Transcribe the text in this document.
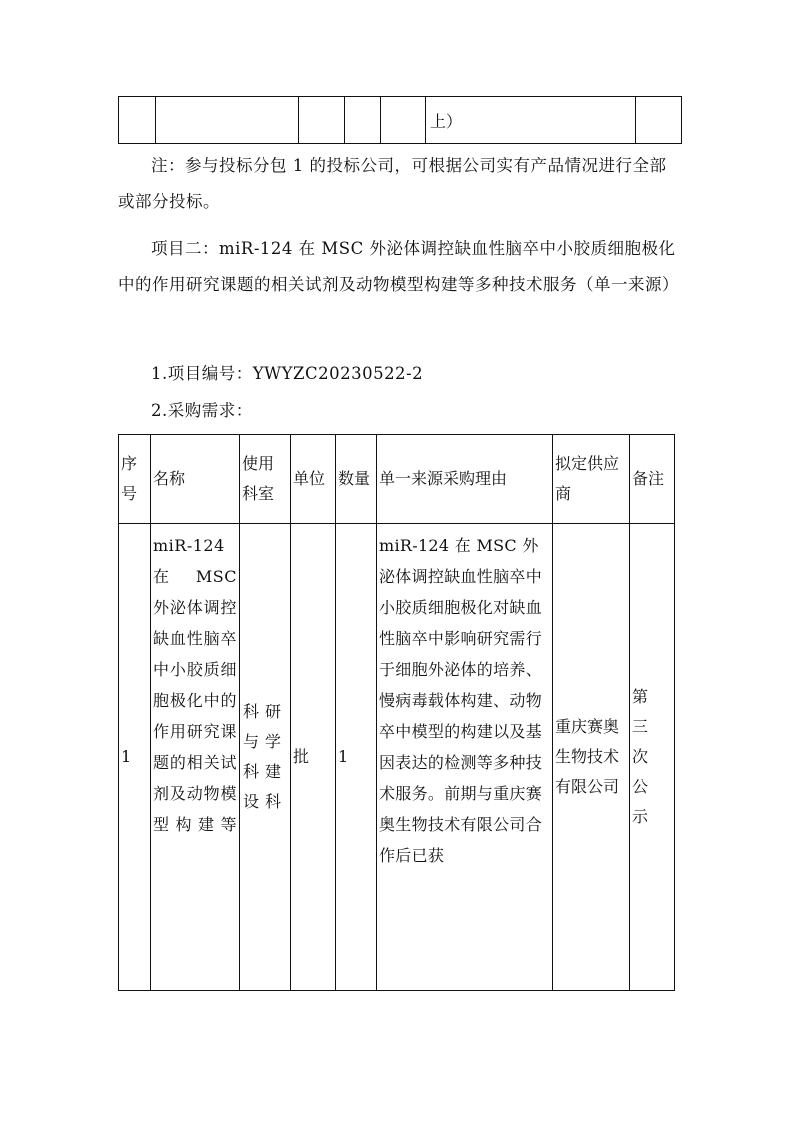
					上）	

注：参与投标分包 1 的投标公司，可根据公司实有产品情况进行全部或部分投标。

项目二：miR-124 在 MSC 外泌体调控缺血性脑卒中小胶质细胞极化中的作用研究课题的相关试剂及动物模型构建等多种技术服务（单一来源）

1.项目编号：YWYZC20230522-2

2.采购需求：

序号	名称	使用科室	单位	数量	单一来源采购理由	拟定供应商	备注

1	miR-124 在 MSC 外泌体调控缺血性脑卒中小胶质细胞极化中的作用研究课题的相关试剂及动物模型构建等	科研与学科建设科	批	1	miR-124 在 MSC 外泌体调控缺血性脑卒中小胶质细胞极化对缺血性脑卒中影响研究需行于细胞外泌体的培养、慢病毒载体构建、动物卒中模型的构建以及基因表达的检测等多种技术服务。前期与重庆赛奥生物技术有限公司合作后已获	重庆赛奥生物技术有限公司	第三次公示
